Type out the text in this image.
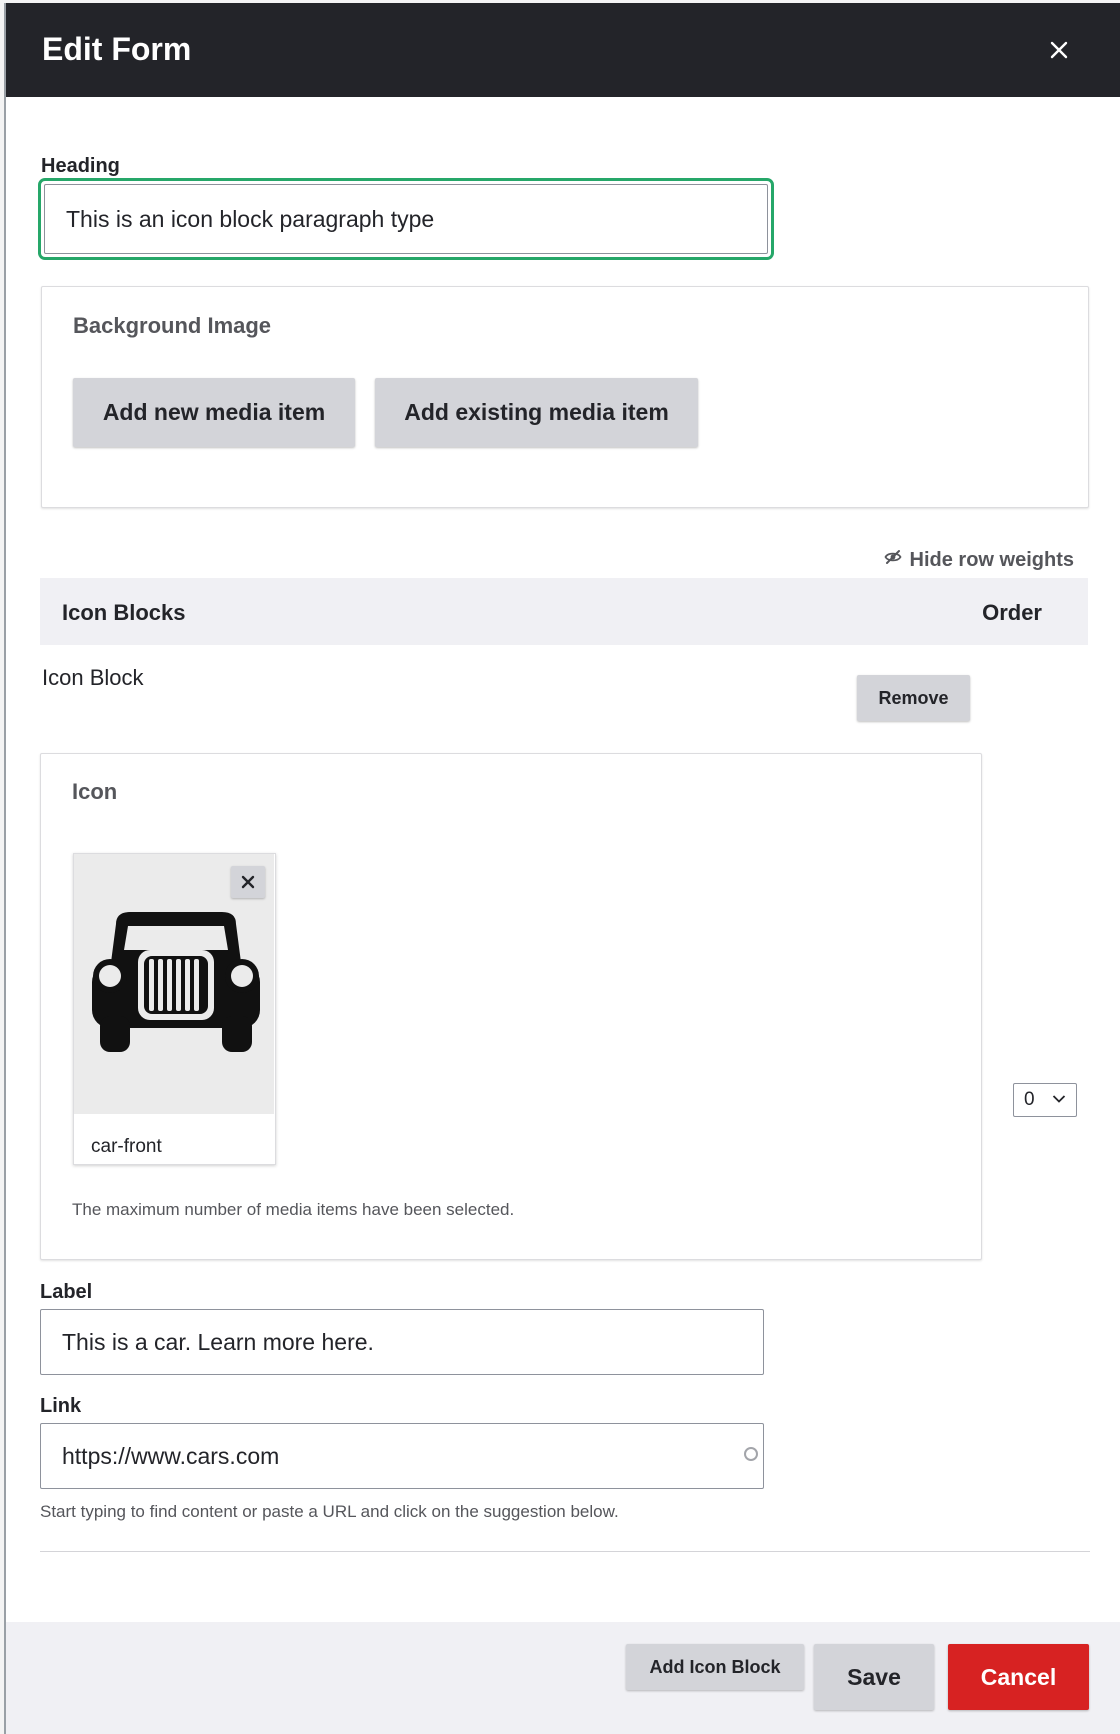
Edit Form
Heading
This is an icon block paragraph type
Background Image
Add new media item	Add existing media item
Hide row weights
Icon Blocks	Order
Icon Block
Remove
Icon
The maximum number of media items have been selected.
car-front
0
Label
This is a car. Learn more here.
Link
https://www.cars.com
Start typing to find content or paste a URL and click on the suggestion below.
Add Icon Block	Save	Cancel
